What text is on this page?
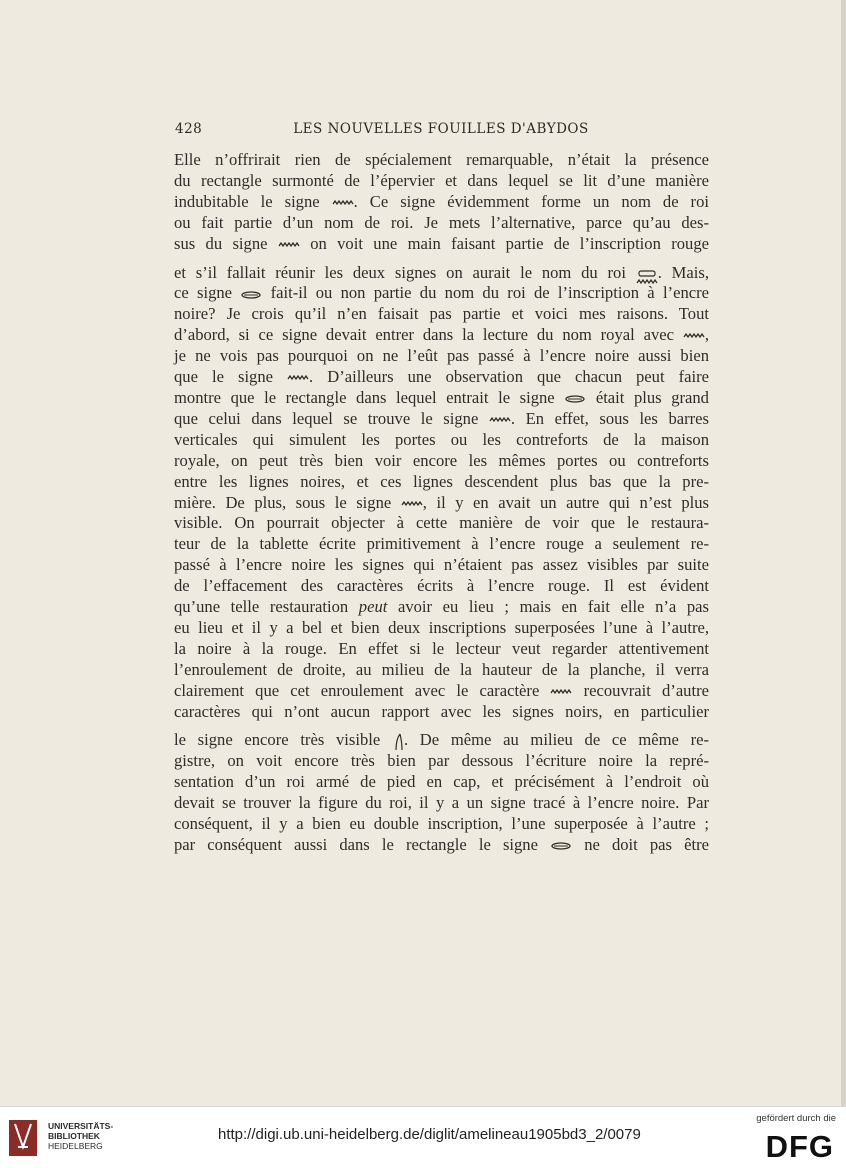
428	LES NOUVELLES FOUILLES D'ABYDOS
Elle n’offrirait rien de spécialement remarquable, n’était la présence
du rectangle surmonté de l’épervier et dans lequel se lit d’une manière
indubitable le signe . Ce signe évidemment forme un nom de roi
ou fait partie d’un nom de roi. Je mets l’alternative, parce qu’au des-
sus du signe	on voit une main faisant partie de l’inscription rouge
et s’il fallait réunir les deux signes on aurait le nom du roi . Mais,
ce signe fait-il ou non partie du nom du roi de l’inscription à l’encre
noire? Je crois qu’il n’en faisait pas partie et voici mes raisons. Tout
d’abord, si ce signe devait entrer dans la lecture du nom royal avec ,
je ne vois pas pourquoi on ne l’eût pas passé à l’encre noire aussi bien
que le signe . D’ailleurs une observation que chacun peut faire
montre que le rectangle dans lequel entrait le signe était plus grand
que celui dans lequel se trouve le signe . En effet, sous les barres
verticales qui simulent les portes ou les contreforts de la maison
royale, on peut très bien voir encore les mêmes portes ou contreforts
entre les lignes noires, et ces lignes descendent plus bas que la pre-
mière. De plus, sous le signe , il y en avait un autre qui n’est plus
visible. On pourrait objecter à cette manière de voir que le restaura-
teur de la tablette écrite primitivement à l’encre rouge a seulement re-
passé à l’encre noire les signes qui n’étaient pas assez visibles par suite
de l’effacement des caractères écrits à l’encre rouge. Il est évident
qu’une telle restauration peut avoir eu lieu ; mais en fait elle n’a pas
eu lieu et il y a bel et bien deux inscriptions superposées l’une à l’autre,
la noire à la rouge. En effet si le lecteur veut regarder attentivement
l’enroulement de droite, au milieu de la hauteur de la planche, il verra
clairement que cet enroulement avec le caractère	recouvrait d’autre
caractères qui n’ont aucun rapport avec les signes noirs, en particulier
le signe encore très visible . De même au milieu de ce même re-
gistre, on voit encore très bien par dessous l’écriture noire la repré-
sentation d’un roi armé de pied en cap, et précisément à l’endroit où
devait se trouver la figure du roi, il y a un signe tracé à l’encre noire. Par
conséquent, il y a bien eu double inscription, l’une superposée à l’autre ;
par conséquent aussi dans le rectangle le signe	ne doit pas être
UNIVERSITÄTS-
BIBLIOTHEK
HEIDELBERG
http://digi.ub.uni-heidelberg.de/diglit/amelineau1905bd3_2/0079
gefördert durch die
DFG
